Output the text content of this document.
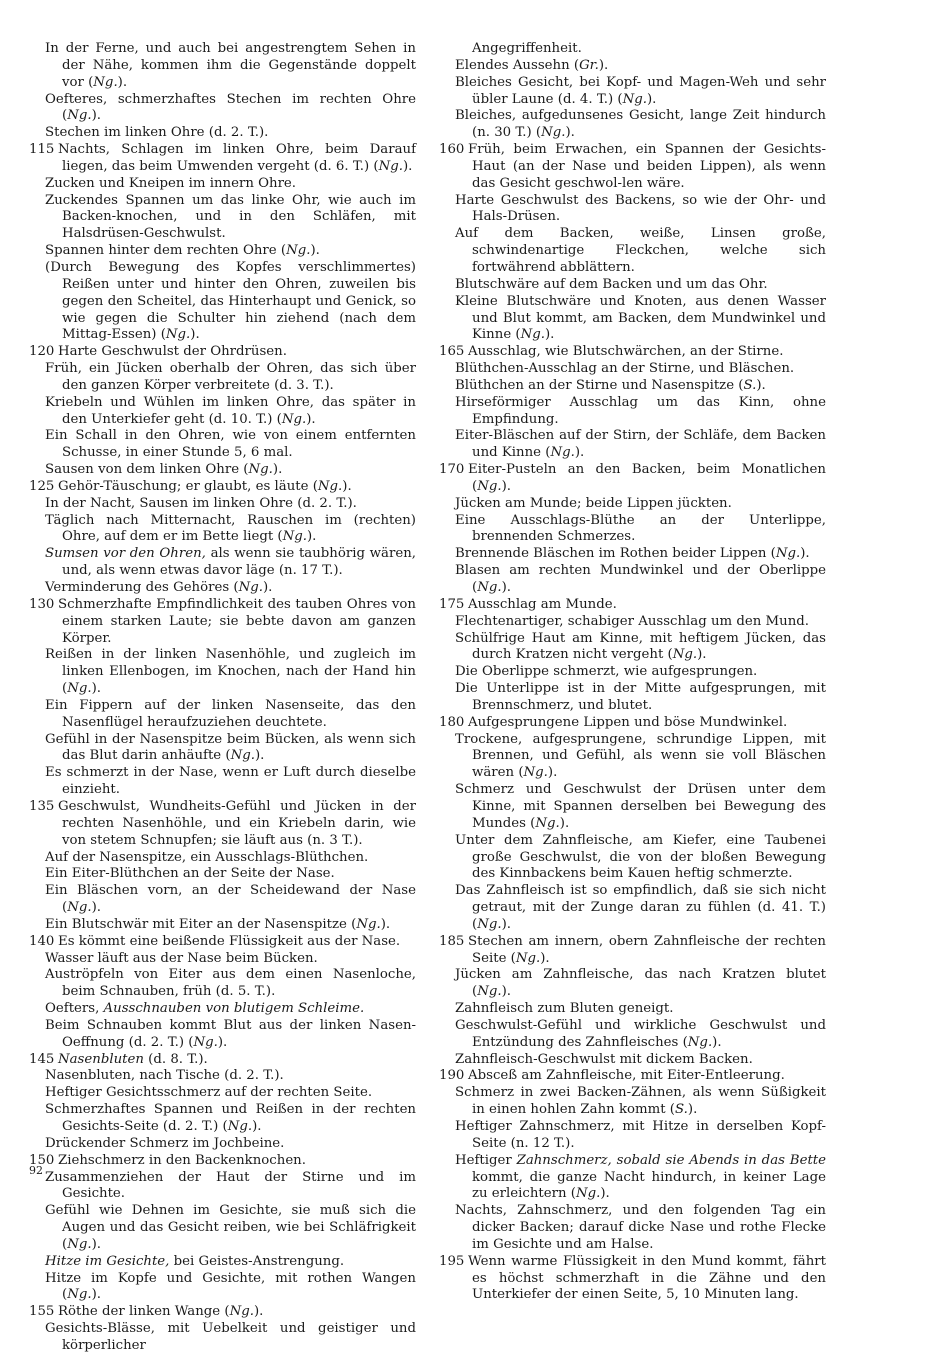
In der Ferne, und auch bei angestrengtem Sehen in der Nähe, kommen ihm die Gegenstände doppelt vor (Ng.).
Oefteres, schmerzhaftes Stechen im rechten Ohre (Ng.).
Stechen im linken Ohre (d. 2. T.).
115 Nachts, Schlagen im linken Ohre, beim Darauf liegen, das beim Umwenden vergeht (d. 6. T.) (Ng.).
Zucken und Kneipen im innern Ohre.
Zuckendes Spannen um das linke Ohr, wie auch im Backen-knochen, und in den Schläfen, mit Halsdrüsen-Geschwulst.
Spannen hinter dem rechten Ohre (Ng.).
(Durch Bewegung des Kopfes verschlimmertes) Reißen unter und hinter den Ohren, zuweilen bis gegen den Scheitel, das Hinterhaupt und Genick, so wie gegen die Schulter hin ziehend (nach dem Mittag-Essen) (Ng.).
120 Harte Geschwulst der Ohrdrüsen.
Früh, ein Jücken oberhalb der Ohren, das sich über den ganzen Körper verbreitete (d. 3. T.).
Kriebeln und Wühlen im linken Ohre, das später in den Unterkiefer geht (d. 10. T.) (Ng.).
Ein Schall in den Ohren, wie von einem entfernten Schusse, in einer Stunde 5, 6 mal.
Sausen von dem linken Ohre (Ng.).
125 Gehör-Täuschung; er glaubt, es läute (Ng.).
In der Nacht, Sausen im linken Ohre (d. 2. T.).
Täglich nach Mitternacht, Rauschen im (rechten) Ohre, auf dem er im Bette liegt (Ng.).
Sumsen vor den Ohren, als wenn sie taubhörig wären, und, als wenn etwas davor läge (n. 17 T.).
Verminderung des Gehöres (Ng.).
130 Schmerzhafte Empfindlichkeit des tauben Ohres von einem starken Laute; sie bebte davon am ganzen Körper.
Reißen in der linken Nasenhöhle, und zugleich im linken Ellenbogen, im Knochen, nach der Hand hin (Ng.).
Ein Fippern auf der linken Nasenseite, das den Nasenflügel heraufzuziehen deuchtete.
Gefühl in der Nasenspitze beim Bücken, als wenn sich das Blut darin anhäufte (Ng.).
Es schmerzt in der Nase, wenn er Luft durch dieselbe einzieht.
135 Geschwulst, Wundheits-Gefühl und Jücken in der rechten Nasenhöhle, und ein Kriebeln darin, wie von stetem Schnupfen; sie läuft aus (n. 3 T.).
Auf der Nasenspitze, ein Ausschlags-Blüthchen.
Ein Eiter-Blüthchen an der Seite der Nase.
Ein Bläschen vorn, an der Scheidewand der Nase (Ng.).
Ein Blutschwär mit Eiter an der Nasenspitze (Ng.).
140 Es kömmt eine beißende Flüssigkeit aus der Nase.
Wasser läuft aus der Nase beim Bücken.
Auströpfeln von Eiter aus dem einen Nasenloche, beim Schnauben, früh (d. 5. T.).
Oefters, Ausschnauben von blutigem Schleime.
Beim Schnauben kommt Blut aus der linken Nasen-Oeffnung (d. 2. T.) (Ng.).
145 Nasenbluten (d. 8. T.).
Nasenbluten, nach Tische (d. 2. T.).
Heftiger Gesichtsschmerz auf der rechten Seite.
Schmerzhaftes Spannen und Reißen in der rechten Gesichts-Seite (d. 2. T.) (Ng.).
Drückender Schmerz im Jochbeine.
150 Ziehschmerz in den Backenknochen.
Zusammenziehen der Haut der Stirne und im Gesichte.
Gefühl wie Dehnen im Gesichte, sie muß sich die Augen und das Gesicht reiben, wie bei Schläfrigkeit (Ng.).
Hitze im Gesichte, bei Geistes-Anstrengung.
Hitze im Kopfe und Gesichte, mit rothen Wangen (Ng.).
155 Röthe der linken Wange (Ng.).
Gesichts-Blässe, mit Uebelkeit und geistiger und körperlicher
Angegriffenheit.
Elendes Aussehn (Gr.).
Bleiches Gesicht, bei Kopf- und Magen-Weh und sehr übler Laune (d. 4. T.) (Ng.).
Bleiches, aufgedunsenes Gesicht, lange Zeit hindurch (n. 30 T.) (Ng.).
160 Früh, beim Erwachen, ein Spannen der Gesichts-Haut (an der Nase und beiden Lippen), als wenn das Gesicht geschwol-len wäre.
Harte Geschwulst des Backens, so wie der Ohr- und Hals-Drüsen.
Auf dem Backen, weiße, Linsen große, schwindenartige Fleckchen, welche sich fortwährend abblättern.
Blutschwäre auf dem Backen und um das Ohr.
Kleine Blutschwäre und Knoten, aus denen Wasser und Blut kommt, am Backen, dem Mundwinkel und Kinne (Ng.).
165 Ausschlag, wie Blutschwärchen, an der Stirne.
Blüthchen-Ausschlag an der Stirne, und Bläschen.
Blüthchen an der Stirne und Nasenspitze (S.).
Hirseförmiger Ausschlag um das Kinn, ohne Empfindung.
Eiter-Bläschen auf der Stirn, der Schläfe, dem Backen und Kinne (Ng.).
170 Eiter-Pusteln an den Backen, beim Monatlichen (Ng.).
Jücken am Munde; beide Lippen jückten.
Eine Ausschlags-Blüthe an der Unterlippe, brennenden Schmerzes.
Brennende Bläschen im Rothen beider Lippen (Ng.).
Blasen am rechten Mundwinkel und der Oberlippe (Ng.).
175 Ausschlag am Munde.
Flechtenartiger, schabiger Ausschlag um den Mund.
Schülfrige Haut am Kinne, mit heftigem Jücken, das durch Kratzen nicht vergeht (Ng.).
Die Oberlippe schmerzt, wie aufgesprungen.
Die Unterlippe ist in der Mitte aufgesprungen, mit Brennschmerz, und blutet.
180 Aufgesprungene Lippen und böse Mundwinkel.
Trockene, aufgesprungene, schrundige Lippen, mit Brennen, und Gefühl, als wenn sie voll Bläschen wären (Ng.).
Schmerz und Geschwulst der Drüsen unter dem Kinne, mit Spannen derselben bei Bewegung des Mundes (Ng.).
Unter dem Zahnfleische, am Kiefer, eine Taubenei große Geschwulst, die von der bloßen Bewegung des Kinnbackens beim Kauen heftig schmerzte.
Das Zahnfleisch ist so empfindlich, daß sie sich nicht getraut, mit der Zunge daran zu fühlen (d. 41. T.) (Ng.).
185 Stechen am innern, obern Zahnfleische der rechten Seite (Ng.).
Jücken am Zahnfleische, das nach Kratzen blutet (Ng.).
Zahnfleisch zum Bluten geneigt.
Geschwulst-Gefühl und wirkliche Geschwulst und Entzündung des Zahnfleisches (Ng.).
Zahnfleisch-Geschwulst mit dickem Backen.
190 Absceß am Zahnfleische, mit Eiter-Entleerung.
Schmerz in zwei Backen-Zähnen, als wenn Süßigkeit in einen hohlen Zahn kommt (S.).
Heftiger Zahnschmerz, mit Hitze in derselben Kopf-Seite (n. 12 T.).
Heftiger Zahnschmerz, sobald sie Abends in das Bette kommt, die ganze Nacht hindurch, in keiner Lage zu erleichtern (Ng.).
Nachts, Zahnschmerz, und den folgenden Tag ein dicker Backen; darauf dicke Nase und rothe Flecke im Gesichte und am Halse.
195 Wenn warme Flüssigkeit in den Mund kommt, fährt es höchst schmerzhaft in die Zähne und den Unterkiefer der einen Seite, 5, 10 Minuten lang.
92
